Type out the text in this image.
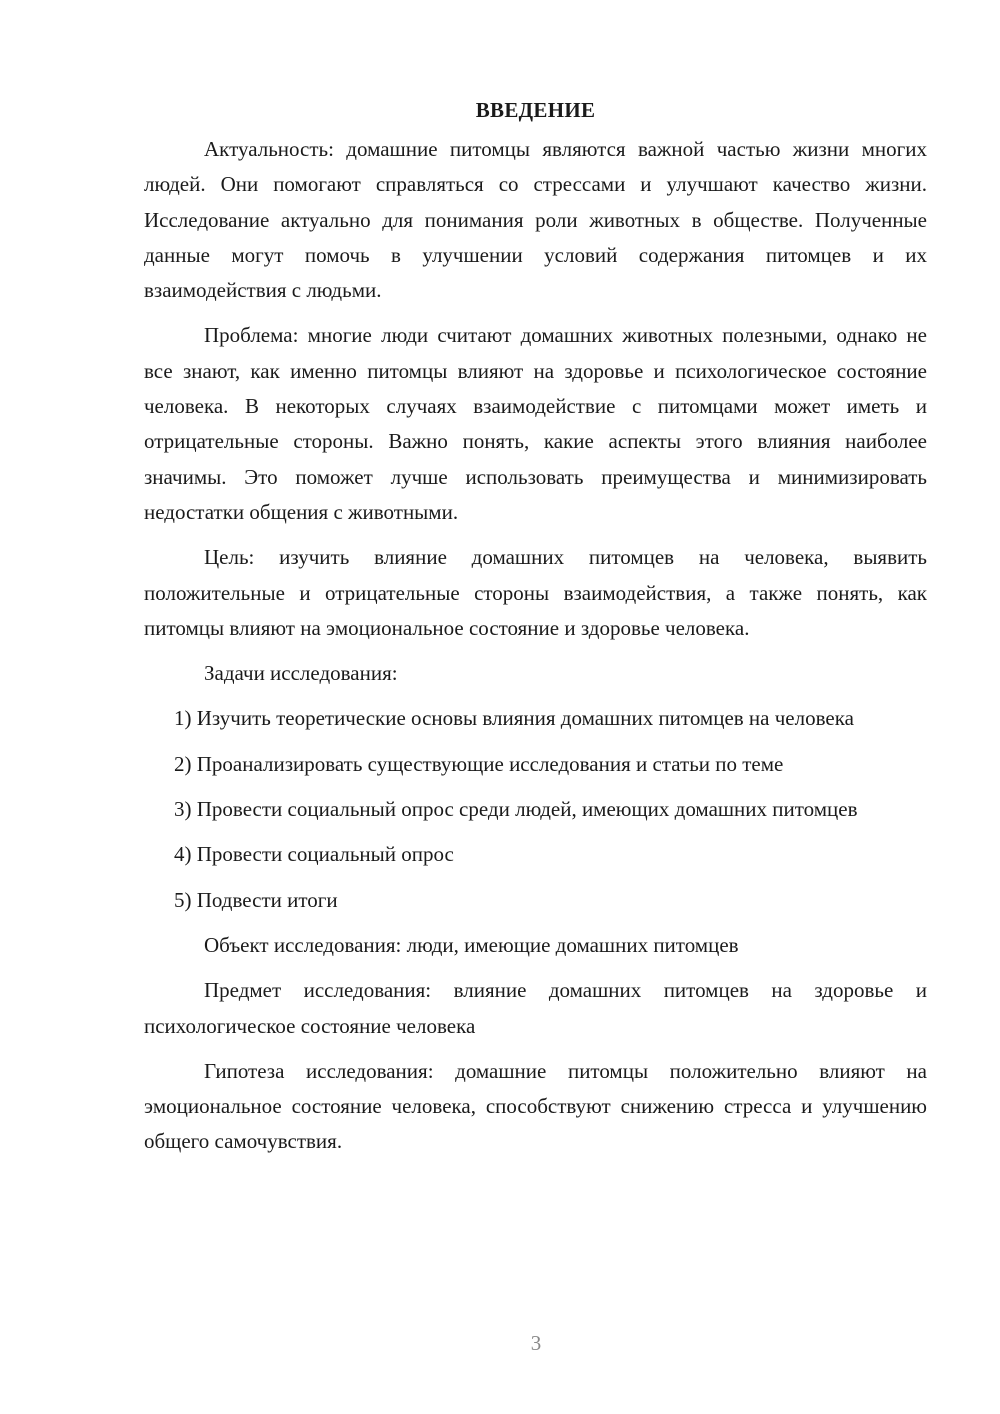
ВВЕДЕНИЕ

Актуальность: домашние питомцы являются важной частью жизни многих людей. Они помогают справляться со стрессами и улучшают качество жизни. Исследование актуально для понимания роли животных в обществе. Полученные данные могут помочь в улучшении условий содержания питомцев и их взаимодействия с людьми.

Проблема: многие люди считают домашних животных полезными, однако не все знают, как именно питомцы влияют на здоровье и психологическое состояние человека. В некоторых случаях взаимодействие с питомцами может иметь и отрицательные стороны. Важно понять, какие аспекты этого влияния наиболее значимы. Это поможет лучше использовать преимущества и минимизировать недостатки общения с животными.

Цель: изучить влияние домашних питомцев на человека, выявить положительные и отрицательные стороны взаимодействия, а также понять, как питомцы влияют на эмоциональное состояние и здоровье человека.

Задачи исследования:

1) Изучить теоретические основы влияния домашних питомцев на человека

2) Проанализировать существующие исследования и статьи по теме

3) Провести социальный опрос среди людей, имеющих домашних питомцев

4) Провести социальный опрос

5) Подвести итоги

Объект исследования: люди, имеющие домашних питомцев

Предмет исследования: влияние домашних питомцев на здоровье и психологическое состояние человека

Гипотеза исследования: домашние питомцы положительно влияют на эмоциональное состояние человека, способствуют снижению стресса и улучшению общего самочувствия.

3
